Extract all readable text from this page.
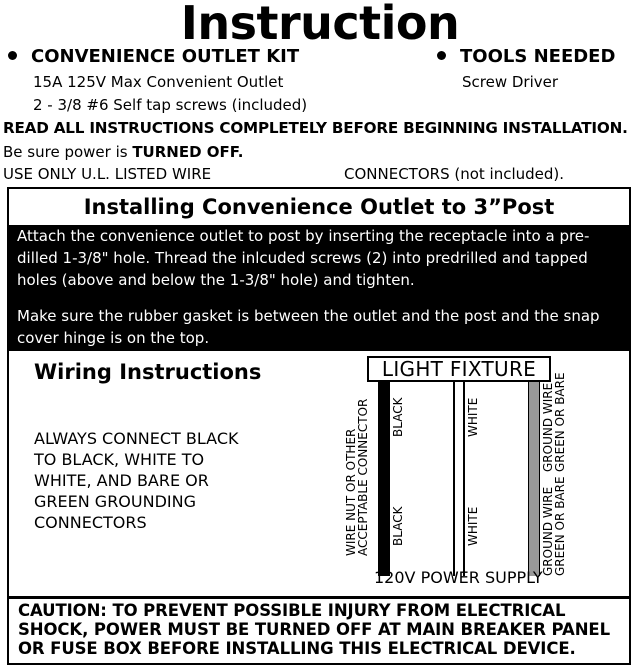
Instruction
CONVENIENCE OUTLET KIT
15A 125V Max Convenient Outlet
2 - 3/8 #6 Self tap screws (included)
TOOLS NEEDED
Screw Driver
READ ALL INSTRUCTIONS COMPLETELY BEFORE BEGINNING INSTALLATION.
Be sure power is TURNED OFF.
USE ONLY U.L. LISTED WIRE	CONNECTORS (not included).
Installing Convenience Outlet to 3”Post
Attach the convenience outlet to post by inserting the receptacle into a pre-dilled 1-3/8" hole. Thread the inlcuded screws (2) into predrilled and tapped holes (above and below the 1-3/8" hole) and tighten.
Make sure the rubber gasket is between the outlet and the post and the snap cover hinge is on the top.
Wiring Instructions
ALWAYS CONNECT BLACK
TO BLACK, WHITE TO
WHITE, AND BARE OR
GREEN GROUNDING
CONNECTORS	WIRE NUT OR OTHER
ACCEPTABLE CONNECTOR BLACK
BLACK
WHITE
WHITE
GROUND WIRE
GREEN OR BARE
GROUND WIRE
GREEN OR BARE
LIGHT FIXTURE
120V POWER SUPPLY
CAUTION: TO PREVENT POSSIBLE INJURY FROM ELECTRICAL
SHOCK, POWER MUST BE TURNED OFF AT MAIN BREAKER PANEL
OR FUSE BOX BEFORE INSTALLING THIS ELECTRICAL DEVICE.
